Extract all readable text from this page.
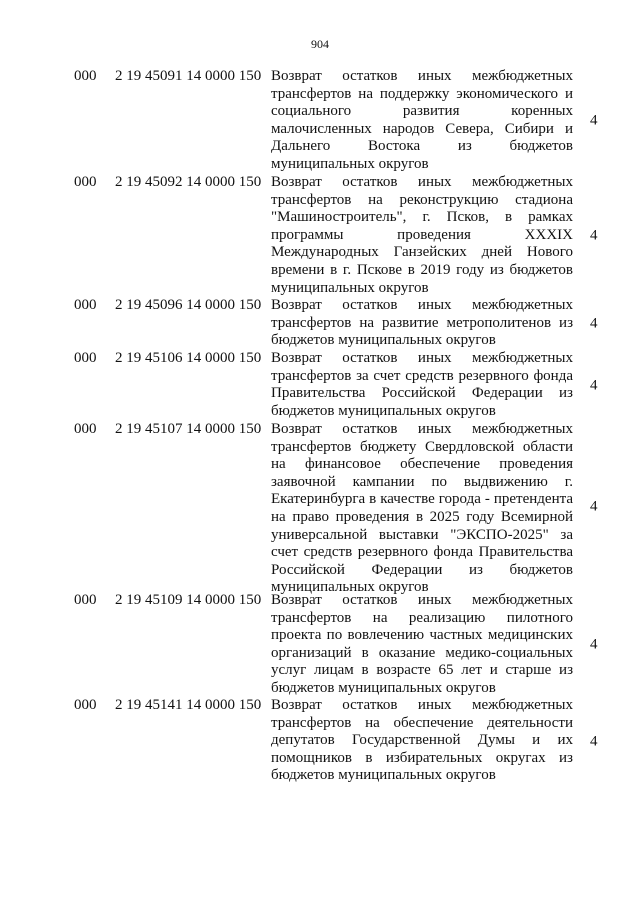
904
000 2 19 45091 14 0000 150 Возврат остатков иных межбюджетных трансфертов на поддержку экономического и социального развития коренных малочисленных народов Севера, Сибири и Дальнего Востока из бюджетов муниципальных округов
4
000 2 19 45092 14 0000 150 Возврат остатков иных межбюджетных трансфертов на реконструкцию стадиона "Машиностроитель", г. Псков, в рамках программы проведения XXXIX Международных Ганзейских дней Нового времени в г. Пскове в 2019 году из бюджетов муниципальных округов
4
000 2 19 45096 14 0000 150 Возврат остатков иных межбюджетных трансфертов на развитие метрополитенов из бюджетов муниципальных округов
4
000 2 19 45106 14 0000 150 Возврат остатков иных межбюджетных трансфертов за счет средств резервного фонда Правительства Российской Федерации из бюджетов муниципальных округов
4
000 2 19 45107 14 0000 150 Возврат остатков иных межбюджетных трансфертов бюджету Свердловской области на финансовое обеспечение проведения заявочной кампании по выдвижению г. Екатеринбурга в качестве города - претендента на право проведения в 2025 году Всемирной универсальной выставки "ЭКСПО-2025" за счет средств резервного фонда Правительства Российской Федерации из бюджетов муниципальных округов
4
000 2 19 45109 14 0000 150 Возврат остатков иных межбюджетных трансфертов на реализацию пилотного проекта по вовлечению частных медицинских организаций в оказание медико-социальных услуг лицам в возрасте 65 лет и старше из бюджетов муниципальных округов
4
000 2 19 45141 14 0000 150 Возврат остатков иных межбюджетных трансфертов на обеспечение деятельности депутатов Государственной Думы и их помощников в избирательных округах из бюджетов муниципальных округов
4
